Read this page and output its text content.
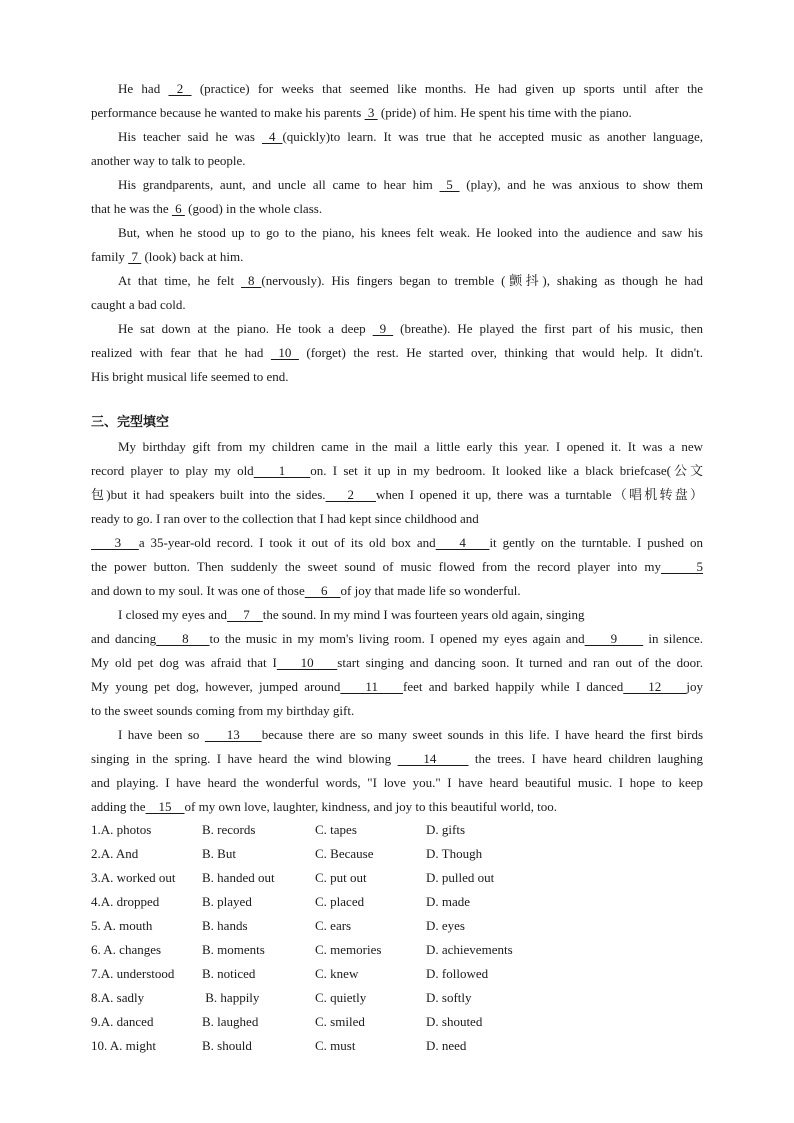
He had  2  (practice) for weeks that seemed like months. He had given up sports until after the
performance because he wanted to make his parents  3  (pride) of him. He spent his time with the piano.
His teacher said he was  4 (quickly)to learn. It was true that he accepted music as another language,
another way to talk to people.
His grandparents, aunt, and uncle all came to hear him  5  (play), and he was anxious to show them
that he was the  6  (good) in the whole class.
But, when he stood up to go to the piano, his knees felt weak. He looked into the audience and saw his
family  7  (look) back at him.
At that time, he felt  8 (nervously). His fingers began to tremble (颤抖), shaking as though he had
caught a bad cold.
He sat down at the piano. He took a deep  9  (breathe). He played the first part of his music, then
realized with fear that he had  10  (forget) the rest. He started over, thinking that would help. It didn't.
His bright musical life seemed to end.
三、完型填空
My birthday gift from my children came in the mail a little early this year. I opened it. It was a new
record player to play my old    1    on. I set it up in my bedroom. It looked like a black briefcase(公文
包)but it had speakers built into the sides.    2    when I opened it up, there was a turntable（唱机转盘）
ready to go. I ran over to the collection that I had kept since childhood and
3   a 35-year-old record. I took it out of its old box and    4    it gently on the turntable. I pushed on
the power button. Then suddenly the sweet sound of music flowed from the record player into my     5
and down to my soul. It was one of those     6    of joy that made life so wonderful.
I closed my eyes and     7    the sound. In my mind I was fourteen years old again, singing
and dancing     8    to the music in my mom's living room. I opened my eyes again and     9      in silence.
My old pet dog was afraid that I    10    start singing and dancing soon. It turned and ran out of the door.
My young pet dog, however, jumped around    11    feet and barked happily while I danced    12    joy
to the sweet sounds coming from my birthday gift.
I have been so     13    because there are so many sweet sounds in this life. I have heard the first birds
singing in the spring. I have heard the wind blowing     14      the trees. I have heard children laughing
and playing. I have heard the wonderful words, "I love you." I have heard beautiful music. I hope to keep
adding the    15    of my own love, laughter, kindness, and joy to this beautiful world, too.
1.A. photos	B. records	C. tapes	D. gifts
2.A. And	B. But	C. Because	D. Though
3.A. worked out B. handed out	C. put out	D. pulled out
4.A. dropped	B. played	C. placed	D. made
5. A. mouth	B. hands	C. ears	D. eyes
6. A. changes	B. moments	C. memories	D. achievements
7.A. understood B. noticed	C. knew	D. followed
8.A. sadly	B. happily	C. quietly	D. softly
9.A. danced	B. laughed	C. smiled	D. shouted
10. A. might	B. should	C. must	D. need
